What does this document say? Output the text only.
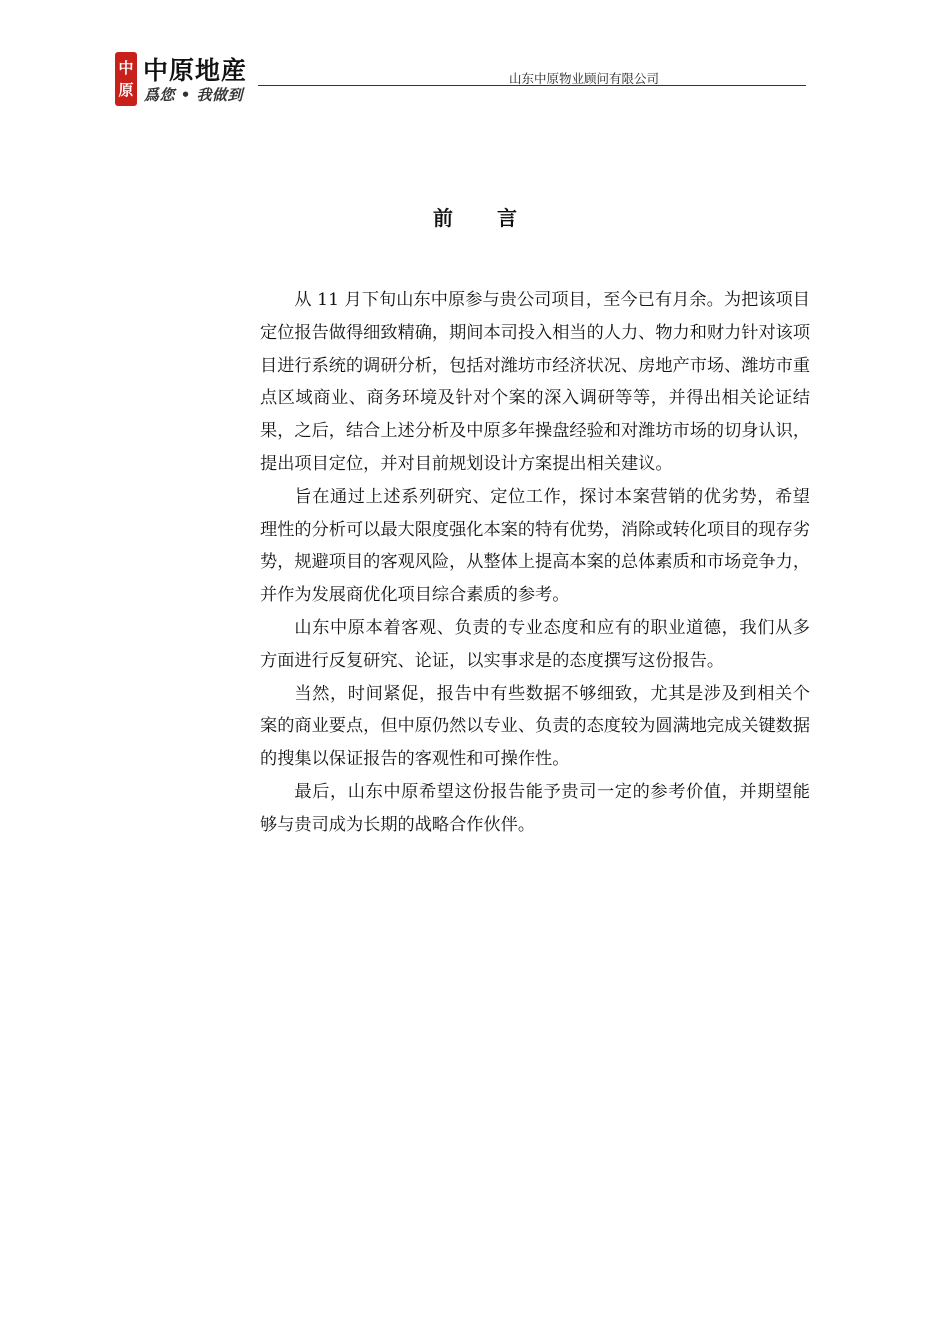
中
原
中原地産
爲您 • 我做到
山东中原物业顾问有限公司
前言

从 11 月下旬山东中原参与贵公司项目，至今已有月余。为把该项目定位报告做得细致精确，期间本司投入相当的人力、物力和财力针对该项目进行系统的调研分析，包括对潍坊市经济状况、房地产市场、潍坊市重点区域商业、商务环境及针对个案的深入调研等等，并得出相关论证结果，之后，结合上述分析及中原多年操盘经验和对潍坊市场的切身认识，提出项目定位，并对目前规划设计方案提出相关建议。

旨在通过上述系列研究、定位工作，探讨本案营销的优劣势，希望理性的分析可以最大限度强化本案的特有优势，消除或转化项目的现存劣势，规避项目的客观风险，从整体上提高本案的总体素质和市场竞争力，并作为发展商优化项目综合素质的参考。

山东中原本着客观、负责的专业态度和应有的职业道德，我们从多方面进行反复研究、论证，以实事求是的态度撰写这份报告。

当然，时间紧促，报告中有些数据不够细致，尤其是涉及到相关个案的商业要点，但中原仍然以专业、负责的态度较为圆满地完成关键数据的搜集以保证报告的客观性和可操作性。

最后，山东中原希望这份报告能予贵司一定的参考价值，并期望能够与贵司成为长期的战略合作伙伴。
